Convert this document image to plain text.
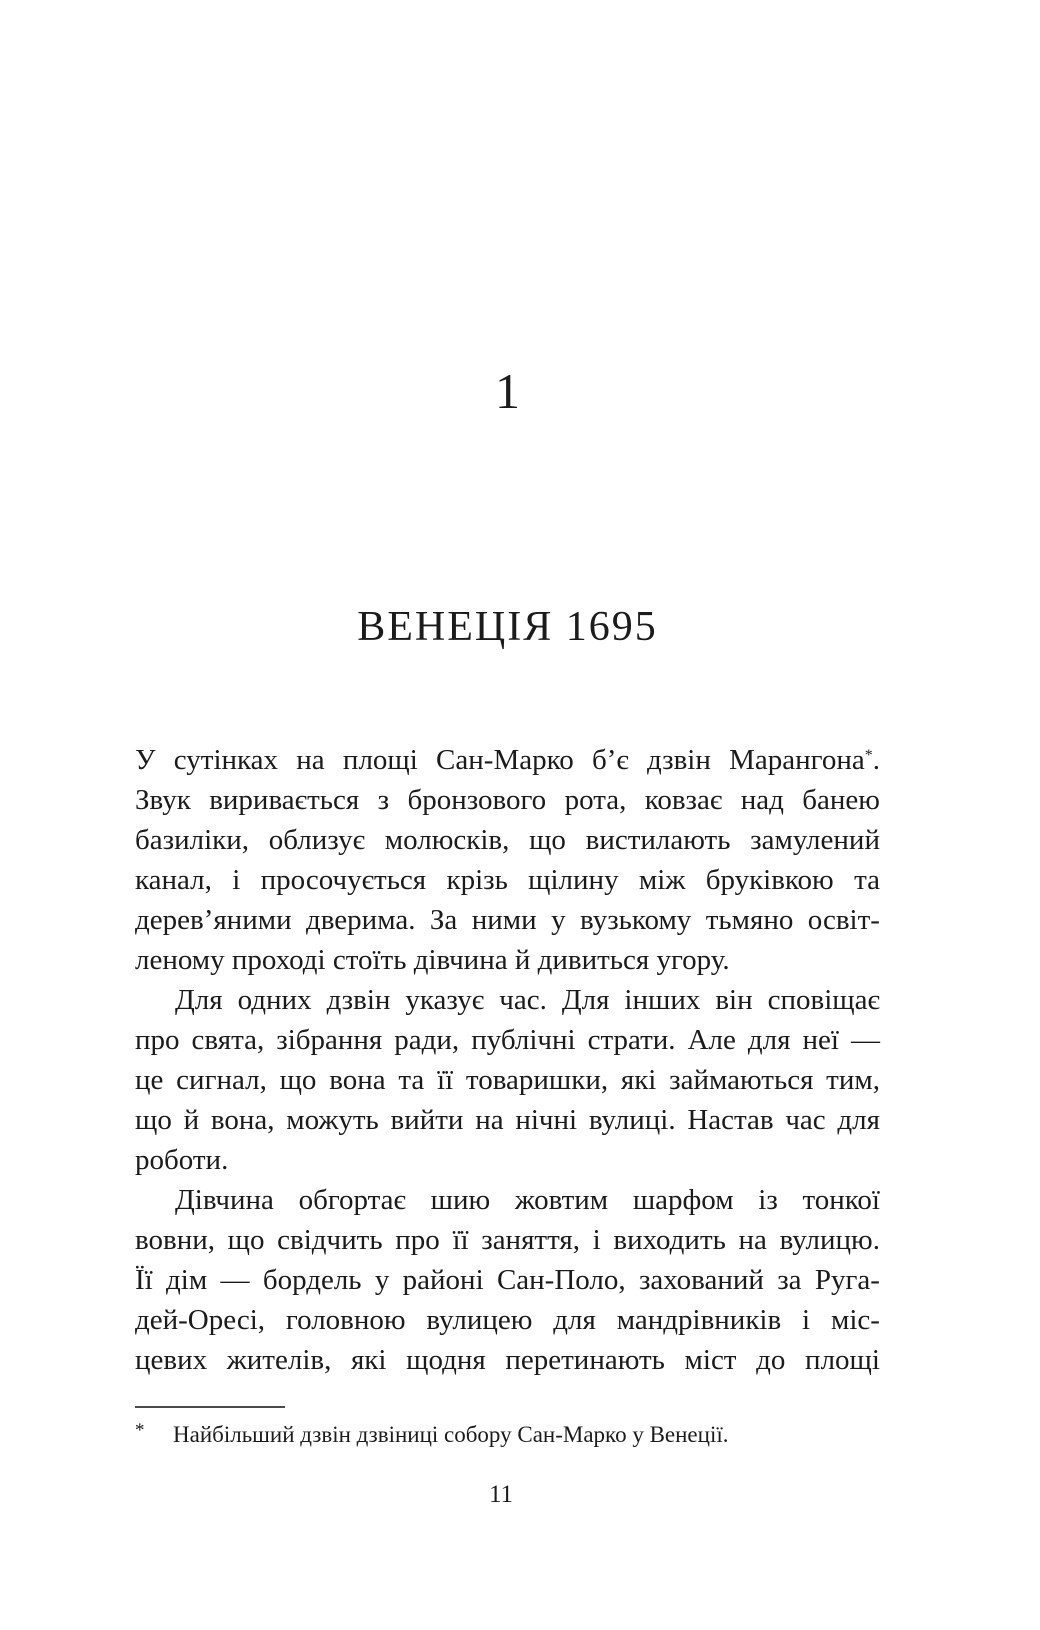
1
ВЕНЕЦІЯ 1695
У сутінках на площі Сан-Марко б’є дзвін Марангона*.
Звук виривається з бронзового рота, ковзає над банею
базиліки, облизує молюсків, що вистилають замулений
канал, і просочується крізь щілину між бруківкою та
дерев’яними дверима. За ними у вузькому тьмяно освіт-
леному проході стоїть дівчина й дивиться угору.
Для одних дзвін указує час. Для інших він сповіщає
про свята, зібрання ради, публічні страти. Але для неї —
це сигнал, що вона та її товаришки, які займаються тим,
що й вона, можуть вийти на нічні вулиці. Настав час для
роботи.
Дівчина обгортає шию жовтим шарфом із тонкої
вовни, що свідчить про її заняття, і виходить на вулицю.
Її дім — бордель у районі Сан-Поло, захований за Руга-
дей-Оресі, головною вулицею для мандрівників і міс-
цевих жителів, які щодня перетинають міст до площі
*	Найбільший дзвін дзвіниці собору Сан-Марко у Венеції.
11
